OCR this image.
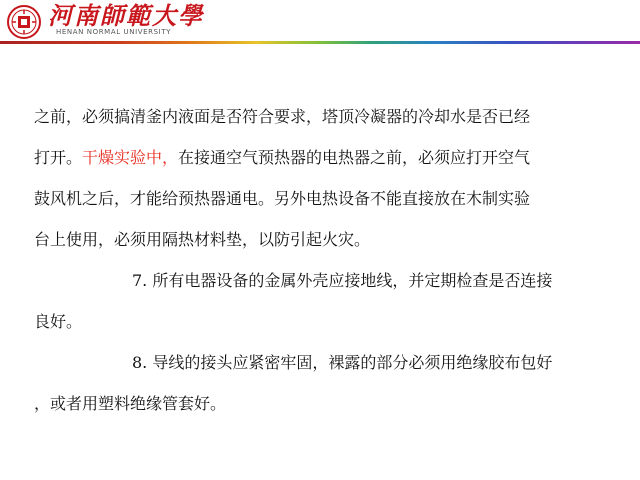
河南師範大學
HENAN NORMAL UNIVERSITY

之前，必须搞清釜内液面是否符合要求，塔顶冷凝器的冷却水是否已经

打开。干燥实验中，在接通空气预热器的电热器之前，必须应打开空气

鼓风机之后，才能给预热器通电。另外电热设备不能直接放在木制实验

台上使用，必须用隔热材料垫，以防引起火灾。

7. 所有电器设备的金属外壳应接地线，并定期检查是否连接

良好。

8. 导线的接头应紧密牢固，裸露的部分必须用绝缘胶布包好

，或者用塑料绝缘管套好。
